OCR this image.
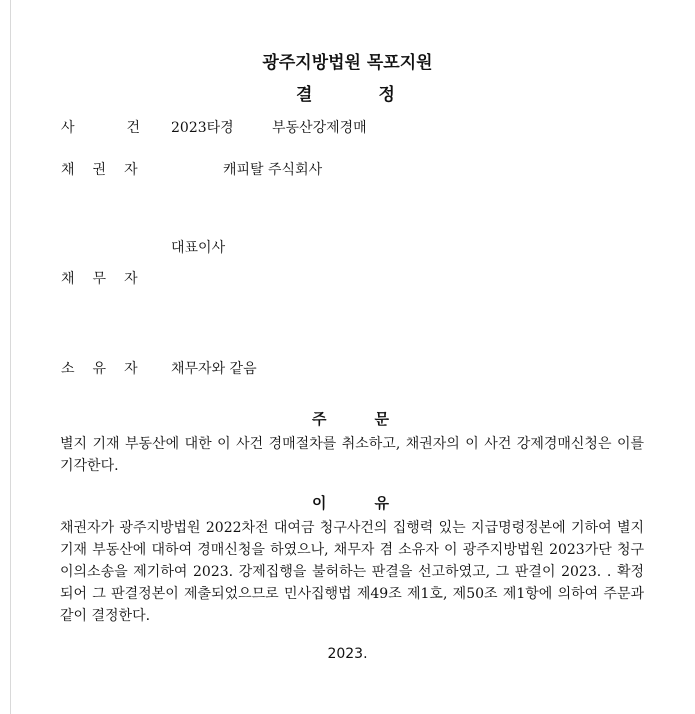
광주지방법원 목포지원
결	정
사	건 2023타경	부동산강제경매
채 권 자	캐피탈 주식회사
대표이사
채 무 자
소 유 자 채무자와 같음
주	문
별지 기재 부동산에 대한 이 사건 경매절차를 취소하고, 채권자의 이 사건 강제경매신청은 이를 기각한다.
이	유
채권자가 광주지방법원 2022차전 대여금 청구사건의 집행력 있는 지급명령정본에 기하여 별지 기재 부동산에 대하여 경매신청을 하였으나, 채무자 겸 소유자 이 광주지방법원 2023가단 청구이의소송을 제기하여 2023. 강제집행을 불허하는 판결을 선고하였고, 그 판결이 2023. . 확정되어 그 판결정본이 제출되었으므로 민사집행법 제49조 제1호, 제50조 제1항에 의하여 주문과 같이 결정한다.
2023.
